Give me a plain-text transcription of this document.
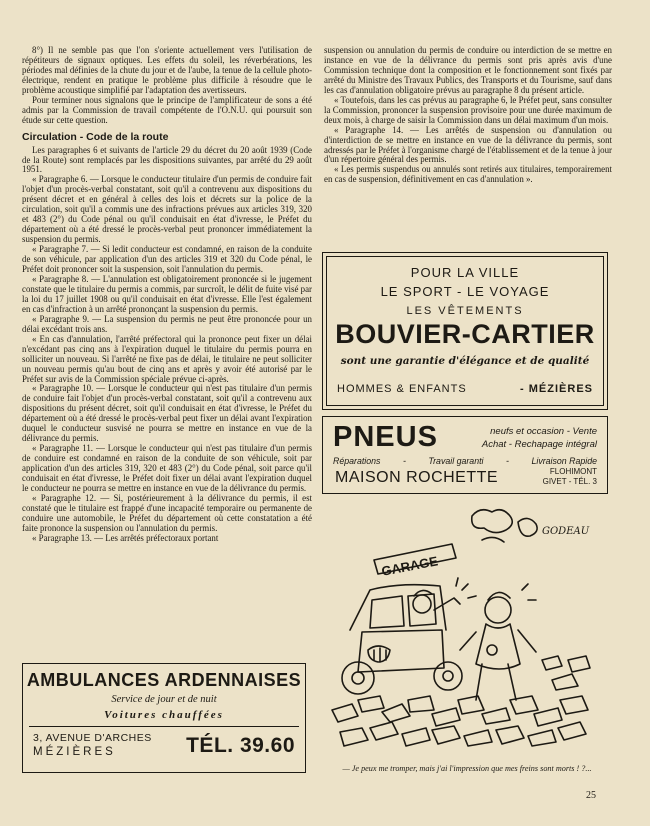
8°) Il ne semble pas que l'on s'oriente actuellement vers l'utilisation de répétiteurs de signaux optiques. Les effets du soleil, les réverbérations, les périodes mal définies de la chute du jour et de l'aube, la tenue de la cellule photo-électrique, rendent en pratique le problème plus difficile à résoudre que le problème acoustique simplifié par l'adaptation des avertisseurs.

Pour terminer nous signalons que le principe de l'amplificateur de sons a été admis par la Commission de travail compétente de l'O.N.U. qui poursuit son étude sur cette question.

Circulation - Code de la route

Les paragraphes 6 et suivants de l'article 29 du décret du 20 août 1939 (Code de la Route) sont remplacés par les dispositions suivantes, par arrêté du 29 août 1951.

« Paragraphe 6. — Lorsque le conducteur titulaire d'un permis de conduire fait l'objet d'un procès-verbal constatant, soit qu'il a contrevenu aux dispositions du présent décret et en général à celles des lois et décrets sur la police de la circulation, soit qu'il a commis une des infractions prévues aux articles 319, 320 et 483 (2°) du Code pénal ou qu'il conduisait en état d'ivresse, le Préfet du département où a été dressé le procès-verbal peut prononcer immédiatement la suspension du permis.

« Paragraphe 7. — Si ledit conducteur est condamné, en raison de la conduite de son véhicule, par application d'un des articles 319 et 320 du Code pénal, le Préfet doit prononcer soit la suspension, soit l'annulation du permis.

« Paragraphe 8. — L'annulation est obligatoirement prononcée si le jugement constate que le titulaire du permis a commis, par surcroît, le délit de fuite visé par la loi du 17 juillet 1908 ou qu'il conduisait en état d'ivresse. Elle l'est également en cas d'infraction à un arrêté prononçant la suspension du permis.

« Paragraphe 9. — La suspension du permis ne peut être prononcée pour un délai excédant trois ans.

« En cas d'annulation, l'arrêté préfectoral qui la prononce peut fixer un délai n'excédant pas cinq ans à l'expiration duquel le titulaire du permis pourra en solliciter un nouveau. Si l'arrêté ne fixe pas de délai, le titulaire ne peut solliciter un nouveau permis qu'au bout de cinq ans et après y avoir été autorisé par le Préfet sur avis de la Commission spéciale prévue ci-après.

« Paragraphe 10. — Lorsque le conducteur qui n'est pas titulaire d'un permis de conduire fait l'objet d'un procès-verbal constatant, soit qu'il a contrevenu aux dispositions du présent décret, soit qu'il conduisait en état d'ivresse, le Préfet du département où a été dressé le procès-verbal peut fixer un délai avant l'expiration duquel le conducteur susvisé ne pourra se mettre en instance en vue de la délivrance du permis.

« Paragraphe 11. — Lorsque le conducteur qui n'est pas titulaire d'un permis de conduire est condamné en raison de la conduite de son véhicule, soit par application d'un des articles 319, 320 et 483 (2°) du Code pénal, soit parce qu'il conduisait en état d'ivresse, le Préfet doit fixer un délai avant l'expiration duquel le conducteur ne pourra se mettre en instance en vue de la délivrance du permis.

« Paragraphe 12. — Si, postérieurement à la délivrance du permis, il est constaté que le titulaire est frappé d'une incapacité temporaire ou permanente de conduire une automobile, le Préfet du département où cette constatation a été faite prononce la suspension ou l'annulation du permis.

« Paragraphe 13. — Les arrêtés préfectoraux portant

suspension ou annulation du permis de conduire ou interdiction de se mettre en instance en vue de la délivrance du permis sont pris après avis d'une Commission technique dont la composition et le fonctionnement sont fixés par arrêté du Ministre des Travaux Publics, des Transports et du Tourisme, sauf dans les cas d'annulation obligatoire prévus au paragraphe 8 du présent article.

« Toutefois, dans les cas prévus au paragraphe 6, le Préfet peut, sans consulter la Commission, prononcer la suspension provisoire pour une durée maximum de deux mois, à charge de saisir la Commission dans un délai maximum d'un mois.

« Paragraphe 14. — Les arrêtés de suspension ou d'annulation ou d'interdiction de se mettre en instance en vue de la délivrance du permis, sont adressés par le Préfet à l'organisme chargé de l'établissement et de la tenue à jour d'un répertoire général des permis.

« Les permis suspendus ou annulés sont retirés aux titulaires, temporairement en cas de suspension, définitivement en cas d'annulation ».

POUR LA VILLE
LE SPORT - LE VOYAGE
LES VÊTEMENTS
BOUVIER-CARTIER
sont une garantie d'élégance et de qualité
HOMMES & ENFANTS	- MÉZIÈRES
PNEUS	neufs et occasion - Vente
Achat - Rechapage intégral
Réparations	-	Travail garanti	-	Livraison Rapide
MAISON ROCHETTE	FLOHIMONT
GIVET - TÉL. 3
GARAGE
GODEAU
— Je peux me tromper, mais j'ai l'impression que mes freins sont morts ! ?...
AMBULANCES ARDENNAISES
Service de jour et de nuit
Voitures chauffées
3, AVENUE D'ARCHES
MÉZIÈRES	TÉL. 39.60
25
